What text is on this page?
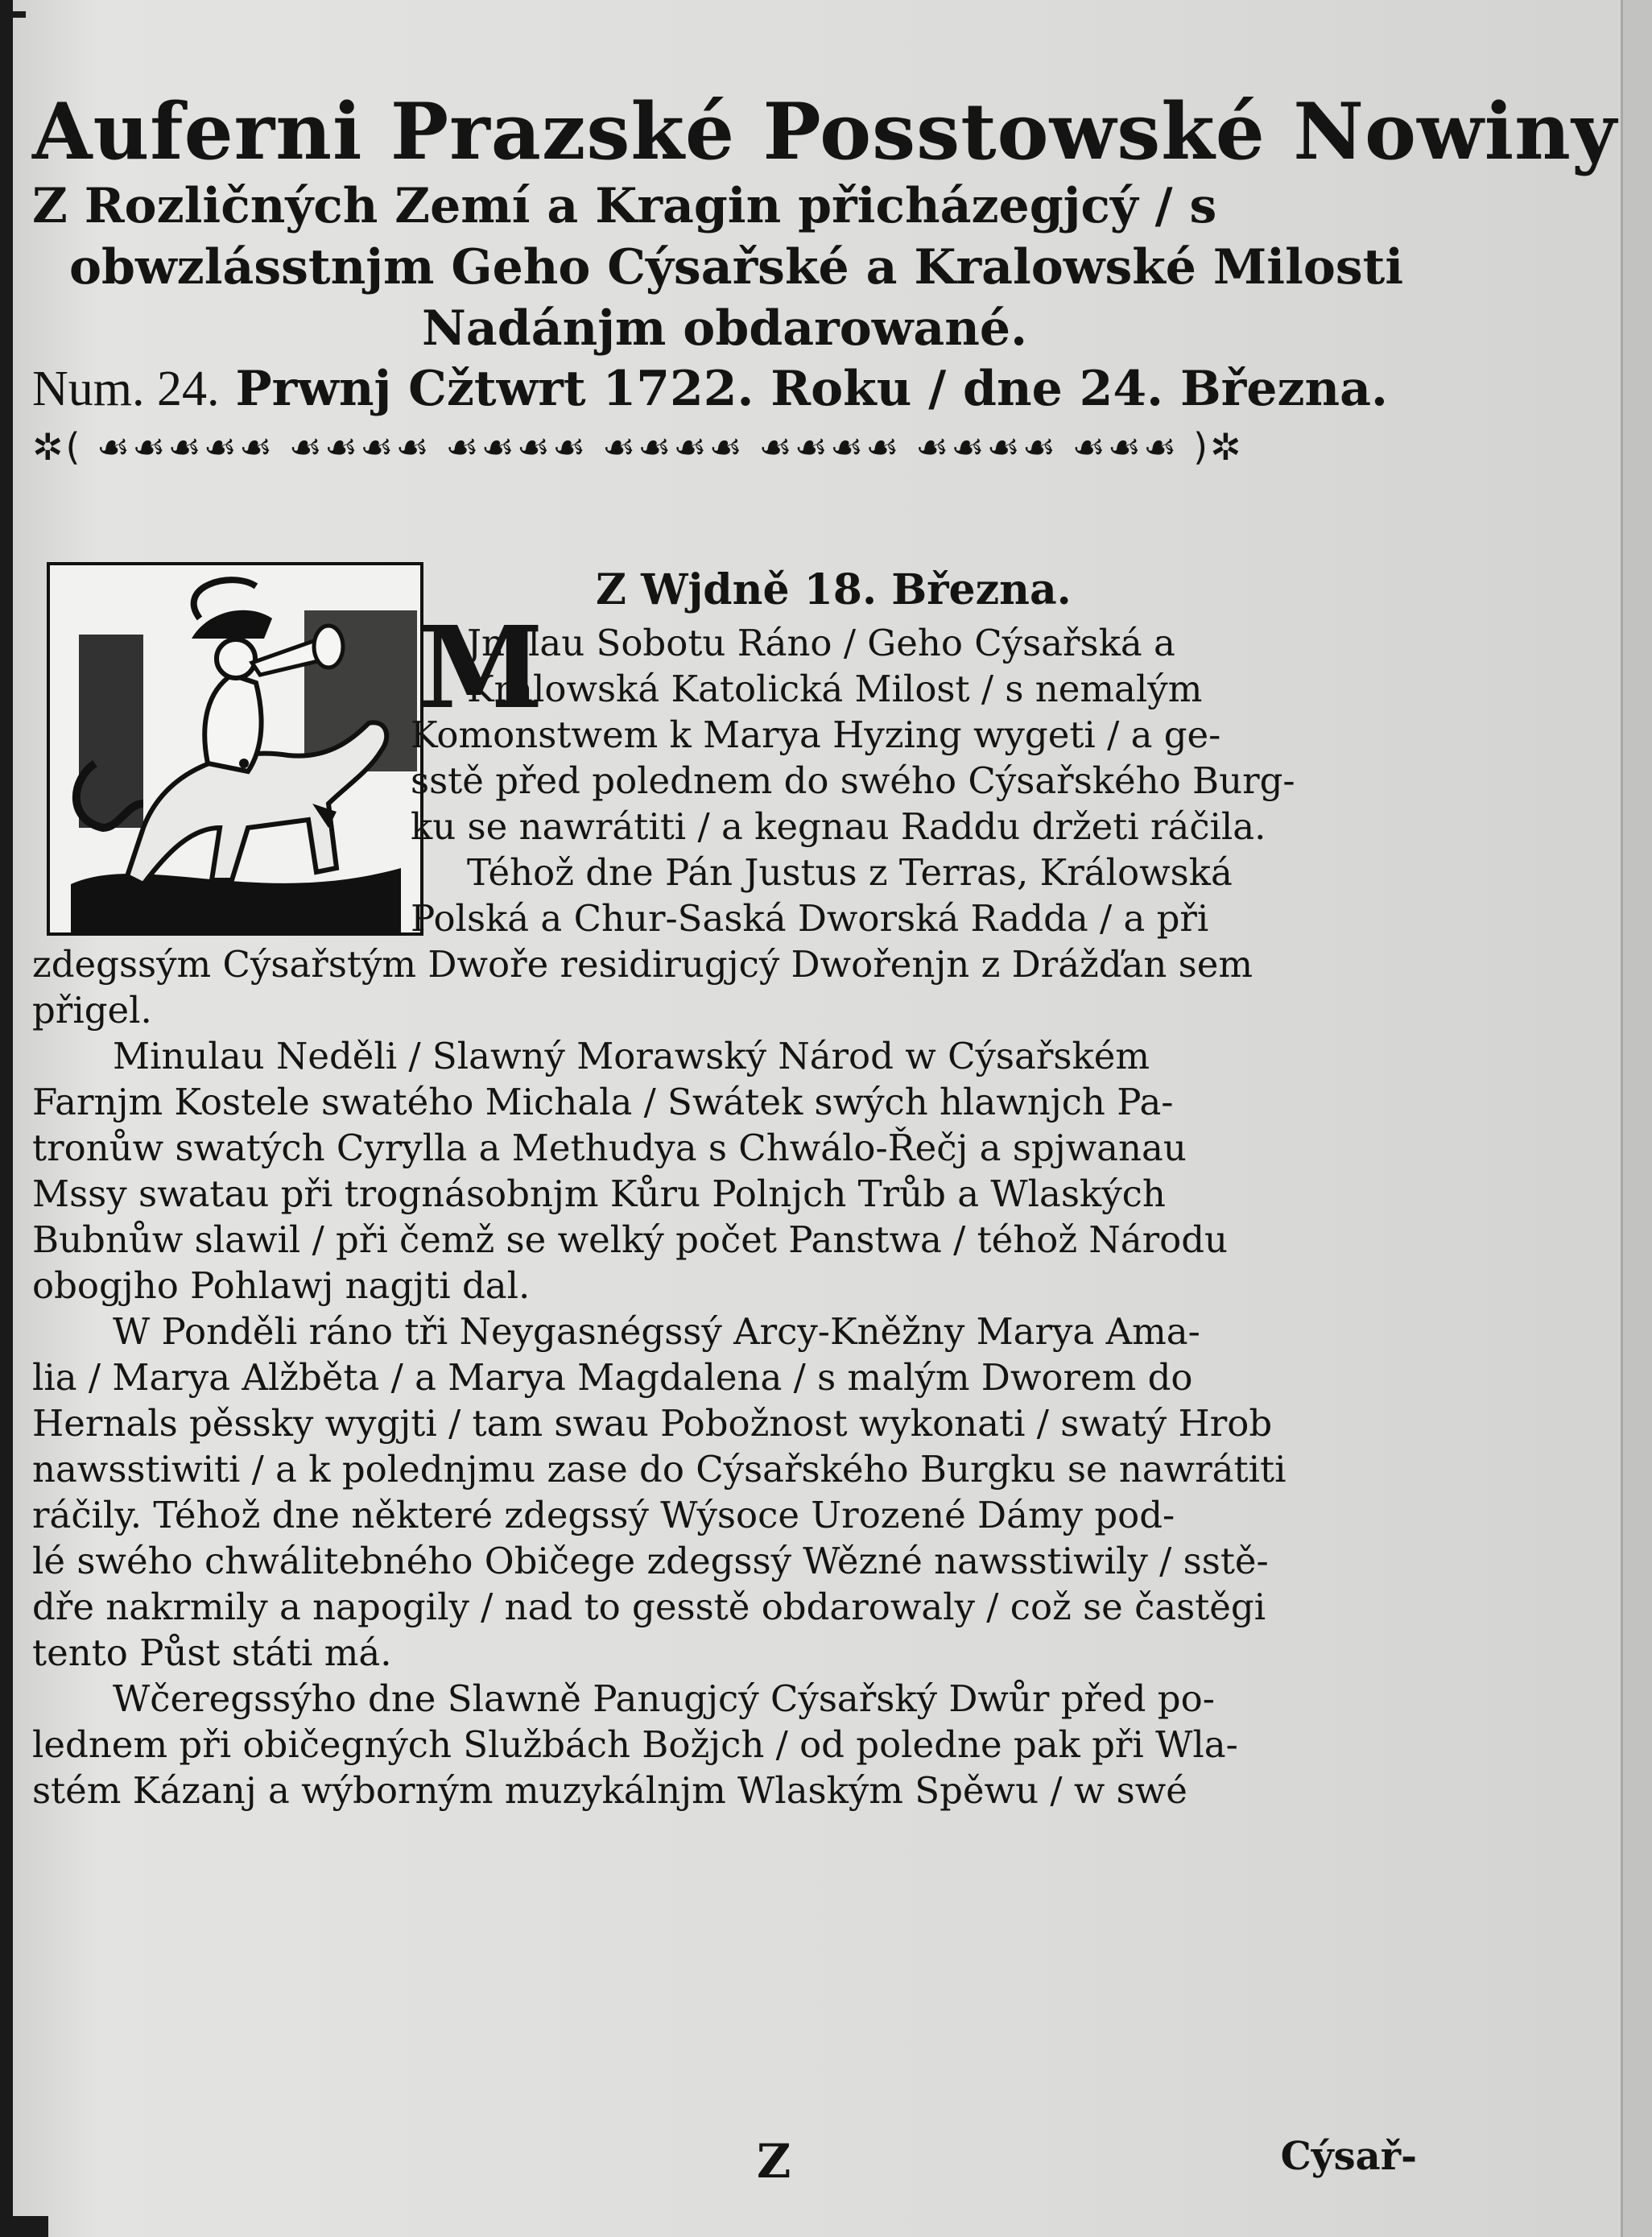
Auferni Prazské Posstowské Nowiny

Z Rozličných Zemí a Kragin přicházegjcý / s

obwzlásstnjm Geho Cýsařské a Kralowské Milosti

Nadánjm obdarowané.

Num. 24. Prwnj Cžtwrt 1722. Roku / dne 24. Března.
✲( ☙☙☙☙☙ ☙☙☙☙ ☙☙☙☙ ☙☙☙☙ ☙☙☙☙ ☙☙☙☙ ☙☙☙ )✲
Z Wjdně 18. Března.
M

Jnulau Sobotu Ráno / Geho Cýsařská a
Králowská Katolická Milost / s nemalým
Komonstwem k Marya Hyzing wygeti / a ge-
sstě před polednem do swého Cýsařského Burg-
ku se nawrátiti / a kegnau Raddu držeti ráčila.

Téhož dne Pán Justus z Terras, Králowská
Polská a Chur-Saská Dworská Radda / a při
zdegssým Cýsařstým Dwoře residirugjcý Dwořenjn z Drážďan sem
přigel.

Minulau Neděli / Slawný Morawský Národ w Cýsařském
Farnjm Kostele swatého Michala / Swátek swých hlawnjch Pa-
tronůw swatých Cyrylla a Methudya s Chwálo-Řečj a spjwanau
Mssy swatau při trognásobnjm Kůru Polnjch Trůb a Wlaských
Bubnůw slawil / při čemž se welký počet Panstwa / téhož Národu
obogjho Pohlawj nagjti dal.

W Ponděli ráno tři Neygasnégssý Arcy-Kněžny Marya Ama-
lia / Marya Alžběta / a Marya Magdalena / s malým Dworem do
Hernals pěssky wygjti / tam swau Pobožnost wykonati / swatý Hrob
nawsstiwiti / a k polednjmu zase do Cýsařského Burgku se nawrátiti
ráčily. Téhož dne některé zdegssý Wýsoce Urozené Dámy pod-
lé swého chwálitebného Običege zdegssý Wězné nawsstiwily / sstě-
dře nakrmily a napogily / nad to gesstě obdarowaly / což se častěgi
tento Půst státi má.

Wčeregssýho dne Slawně Panugjcý Cýsařský Dwůr před po-
lednem při običegných Službách Božjch / od poledne pak při Wla-
stém Kázanj a wýborným muzykálnjm Wlaským Spěwu / w swé

Z	Cýsař-
